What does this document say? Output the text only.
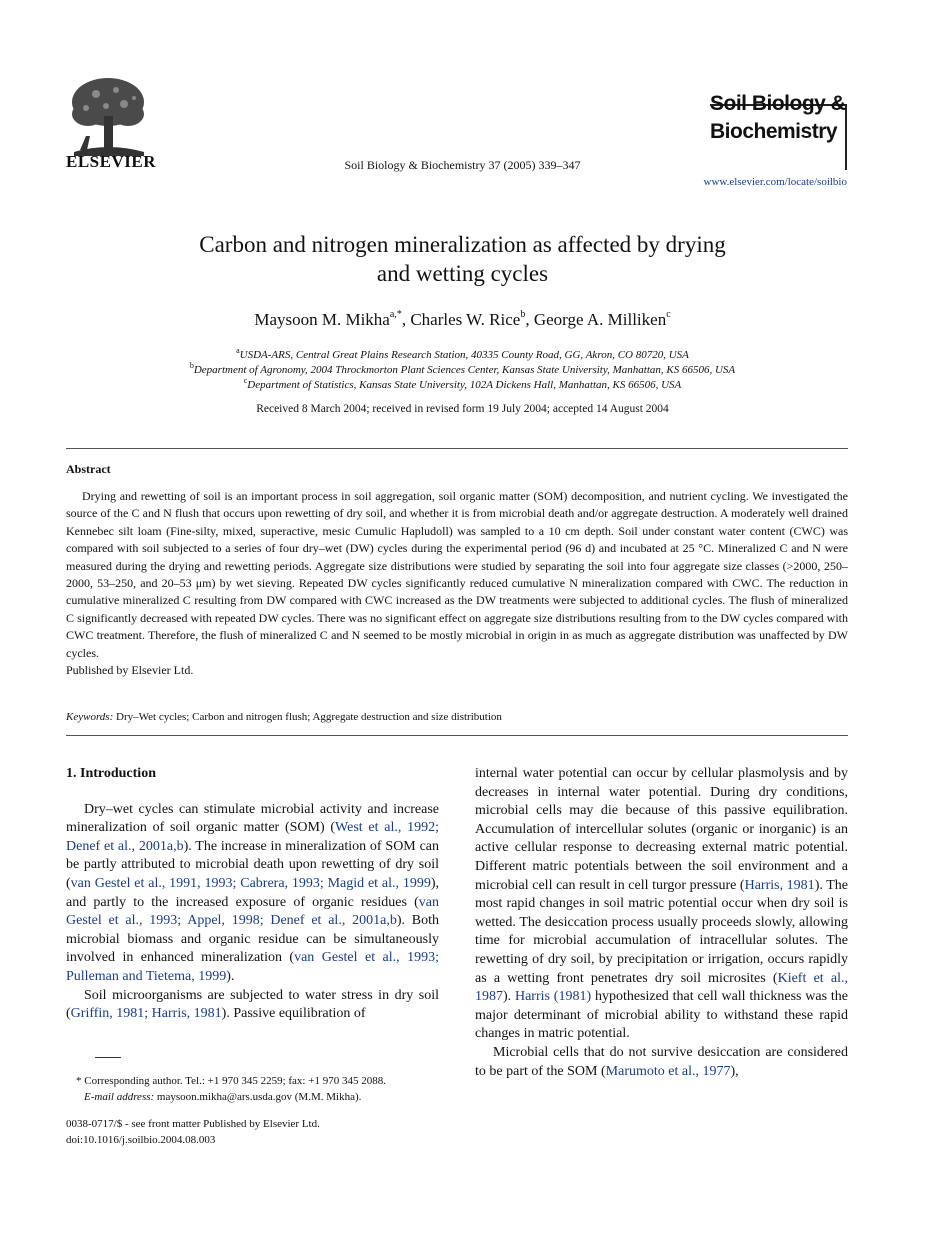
ELSEVIER	Soil Biology & Biochemistry 37 (2005) 339–347
Soil Biology &
Biochemistry
www.elsevier.com/locate/soilbio
Carbon and nitrogen mineralization as affected by drying
and wetting cycles
Maysoon M. Mikha$^{a,*}$, Charles W. Rice$^b$, George A. Milliken$^c$
$^a$USDA-ARS, Central Great Plains Research Station, 40335 County Road, GG, Akron, CO 80720, USA
$^b$Department of Agronomy, 2004 Throckmorton Plant Sciences Center, Kansas State University, Manhattan, KS 66506, USA
$^c$Department of Statistics, Kansas State University, 102A Dickens Hall, Manhattan, KS 66506, USA
Received 8 March 2004; received in revised form 19 July 2004; accepted 14 August 2004
Abstract

Drying and rewetting of soil is an important process in soil aggregation, soil organic matter (SOM) decomposition, and nutrient cycling. We investigated the source of the C and N flush that occurs upon rewetting of dry soil, and whether it is from microbial death and/or aggregate destruction. A moderately well drained Kennebec silt loam (Fine-silty, mixed, superactive, mesic Cumulic Hapludoll) was sampled to a 10 cm depth. Soil under constant water content (CWC) was compared with soil subjected to a series of four dry–wet (DW) cycles during the experimental period (96 d) and incubated at 25 °C. Mineralized C and N were measured during the drying and rewetting periods. Aggregate size distributions were studied by separating the soil into four aggregate size classes (>2000, 250–2000, 53–250, and 20–53 μm) by wet sieving. Repeated DW cycles significantly reduced cumulative N mineralization compared with CWC. The reduction in cumulative mineralized C resulting from DW compared with CWC increased as the DW treatments were subjected to additional cycles. The flush of mineralized C significantly decreased with repeated DW cycles. There was no significant effect on aggregate size distributions resulting from to the DW cycles compared with CWC treatment. Therefore, the flush of mineralized C and N seemed to be mostly microbial in origin in as much as aggregate distribution was unaffected by DW cycles.

Published by Elsevier Ltd.
Keywords: Dry–Wet cycles; Carbon and nitrogen flush; Aggregate destruction and size distribution

1. Introduction

Dry–wet cycles can stimulate microbial activity and increase mineralization of soil organic matter (SOM) (West et al., 1992; Denef et al., 2001a,b). The increase in mineralization of SOM can be partly attributed to microbial death upon rewetting of dry soil (van Gestel et al., 1991, 1993; Cabrera, 1993; Magid et al., 1999), and partly to the increased exposure of organic residues (van Gestel et al., 1993; Appel, 1998; Denef et al., 2001a,b). Both microbial biomass and organic residue can be simultaneously involved in enhanced mineralization (van Gestel et al., 1993; Pulleman and Tietema, 1999).

Soil microorganisms are subjected to water stress in dry soil (Griffin, 1981; Harris, 1981). Passive equilibration of

internal water potential can occur by cellular plasmolysis and by decreases in internal water potential. During dry conditions, microbial cells may die because of this passive equilibration. Accumulation of intercellular solutes (organic or inorganic) is an active cellular response to decreasing external matric potential. Different matric potentials between the soil environment and a microbial cell can result in cell turgor pressure (Harris, 1981). The most rapid changes in soil matric potential occur when dry soil is wetted. The desiccation process usually proceeds slowly, allowing time for microbial accumulation of intracellular solutes. The rewetting of dry soil, by precipitation or irrigation, occurs rapidly as a wetting front penetrates dry soil microsites (Kieft et al., 1987). Harris (1981) hypothesized that cell wall thickness was the major determinant of microbial ability to withstand these rapid changes in matric potential.

Microbial cells that do not survive desiccation are considered to be part of the SOM (Marumoto et al., 1977),

* Corresponding author. Tel.: +1 970 345 2259; fax: +1 970 345 2088.
E-mail address: maysoon.mikha@ars.usda.gov (M.M. Mikha).
0038-0717/$ - see front matter Published by Elsevier Ltd.
doi:10.1016/j.soilbio.2004.08.003
